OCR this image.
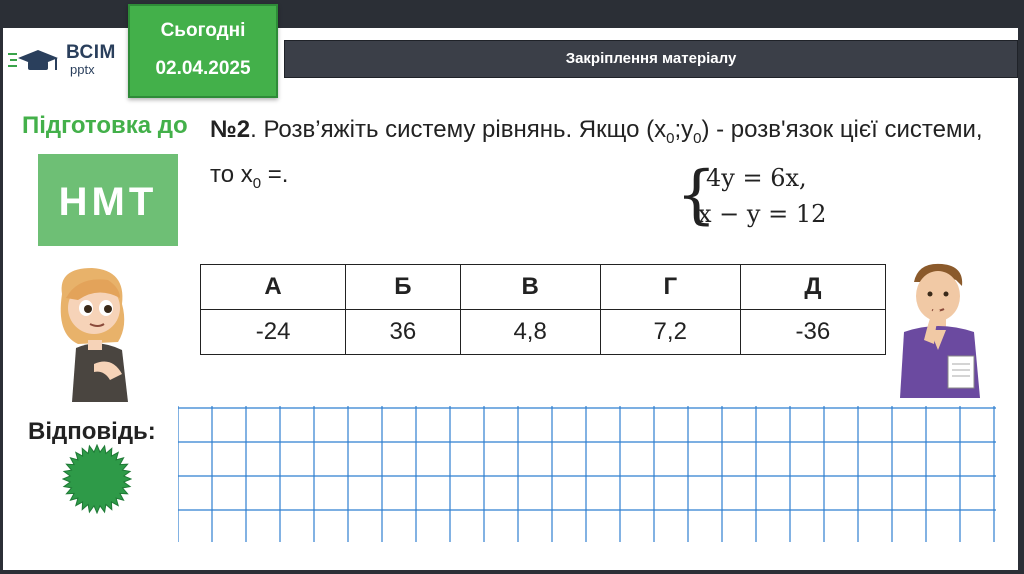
ВСІМ
pptx
Сьогодні
02.04.2025	Закріплення матеріалу
Підготовка до
НМТ
№2. Розв’яжіть систему рівнянь. Якщо $(x_0;y_0)$ - розв'язок цієї системи, то $x_0$ =.	{
4y = 6x,
x − y = 12
А	Б	В	Г	Д
-24	36	4,8	7,2	-36
Відповідь:
